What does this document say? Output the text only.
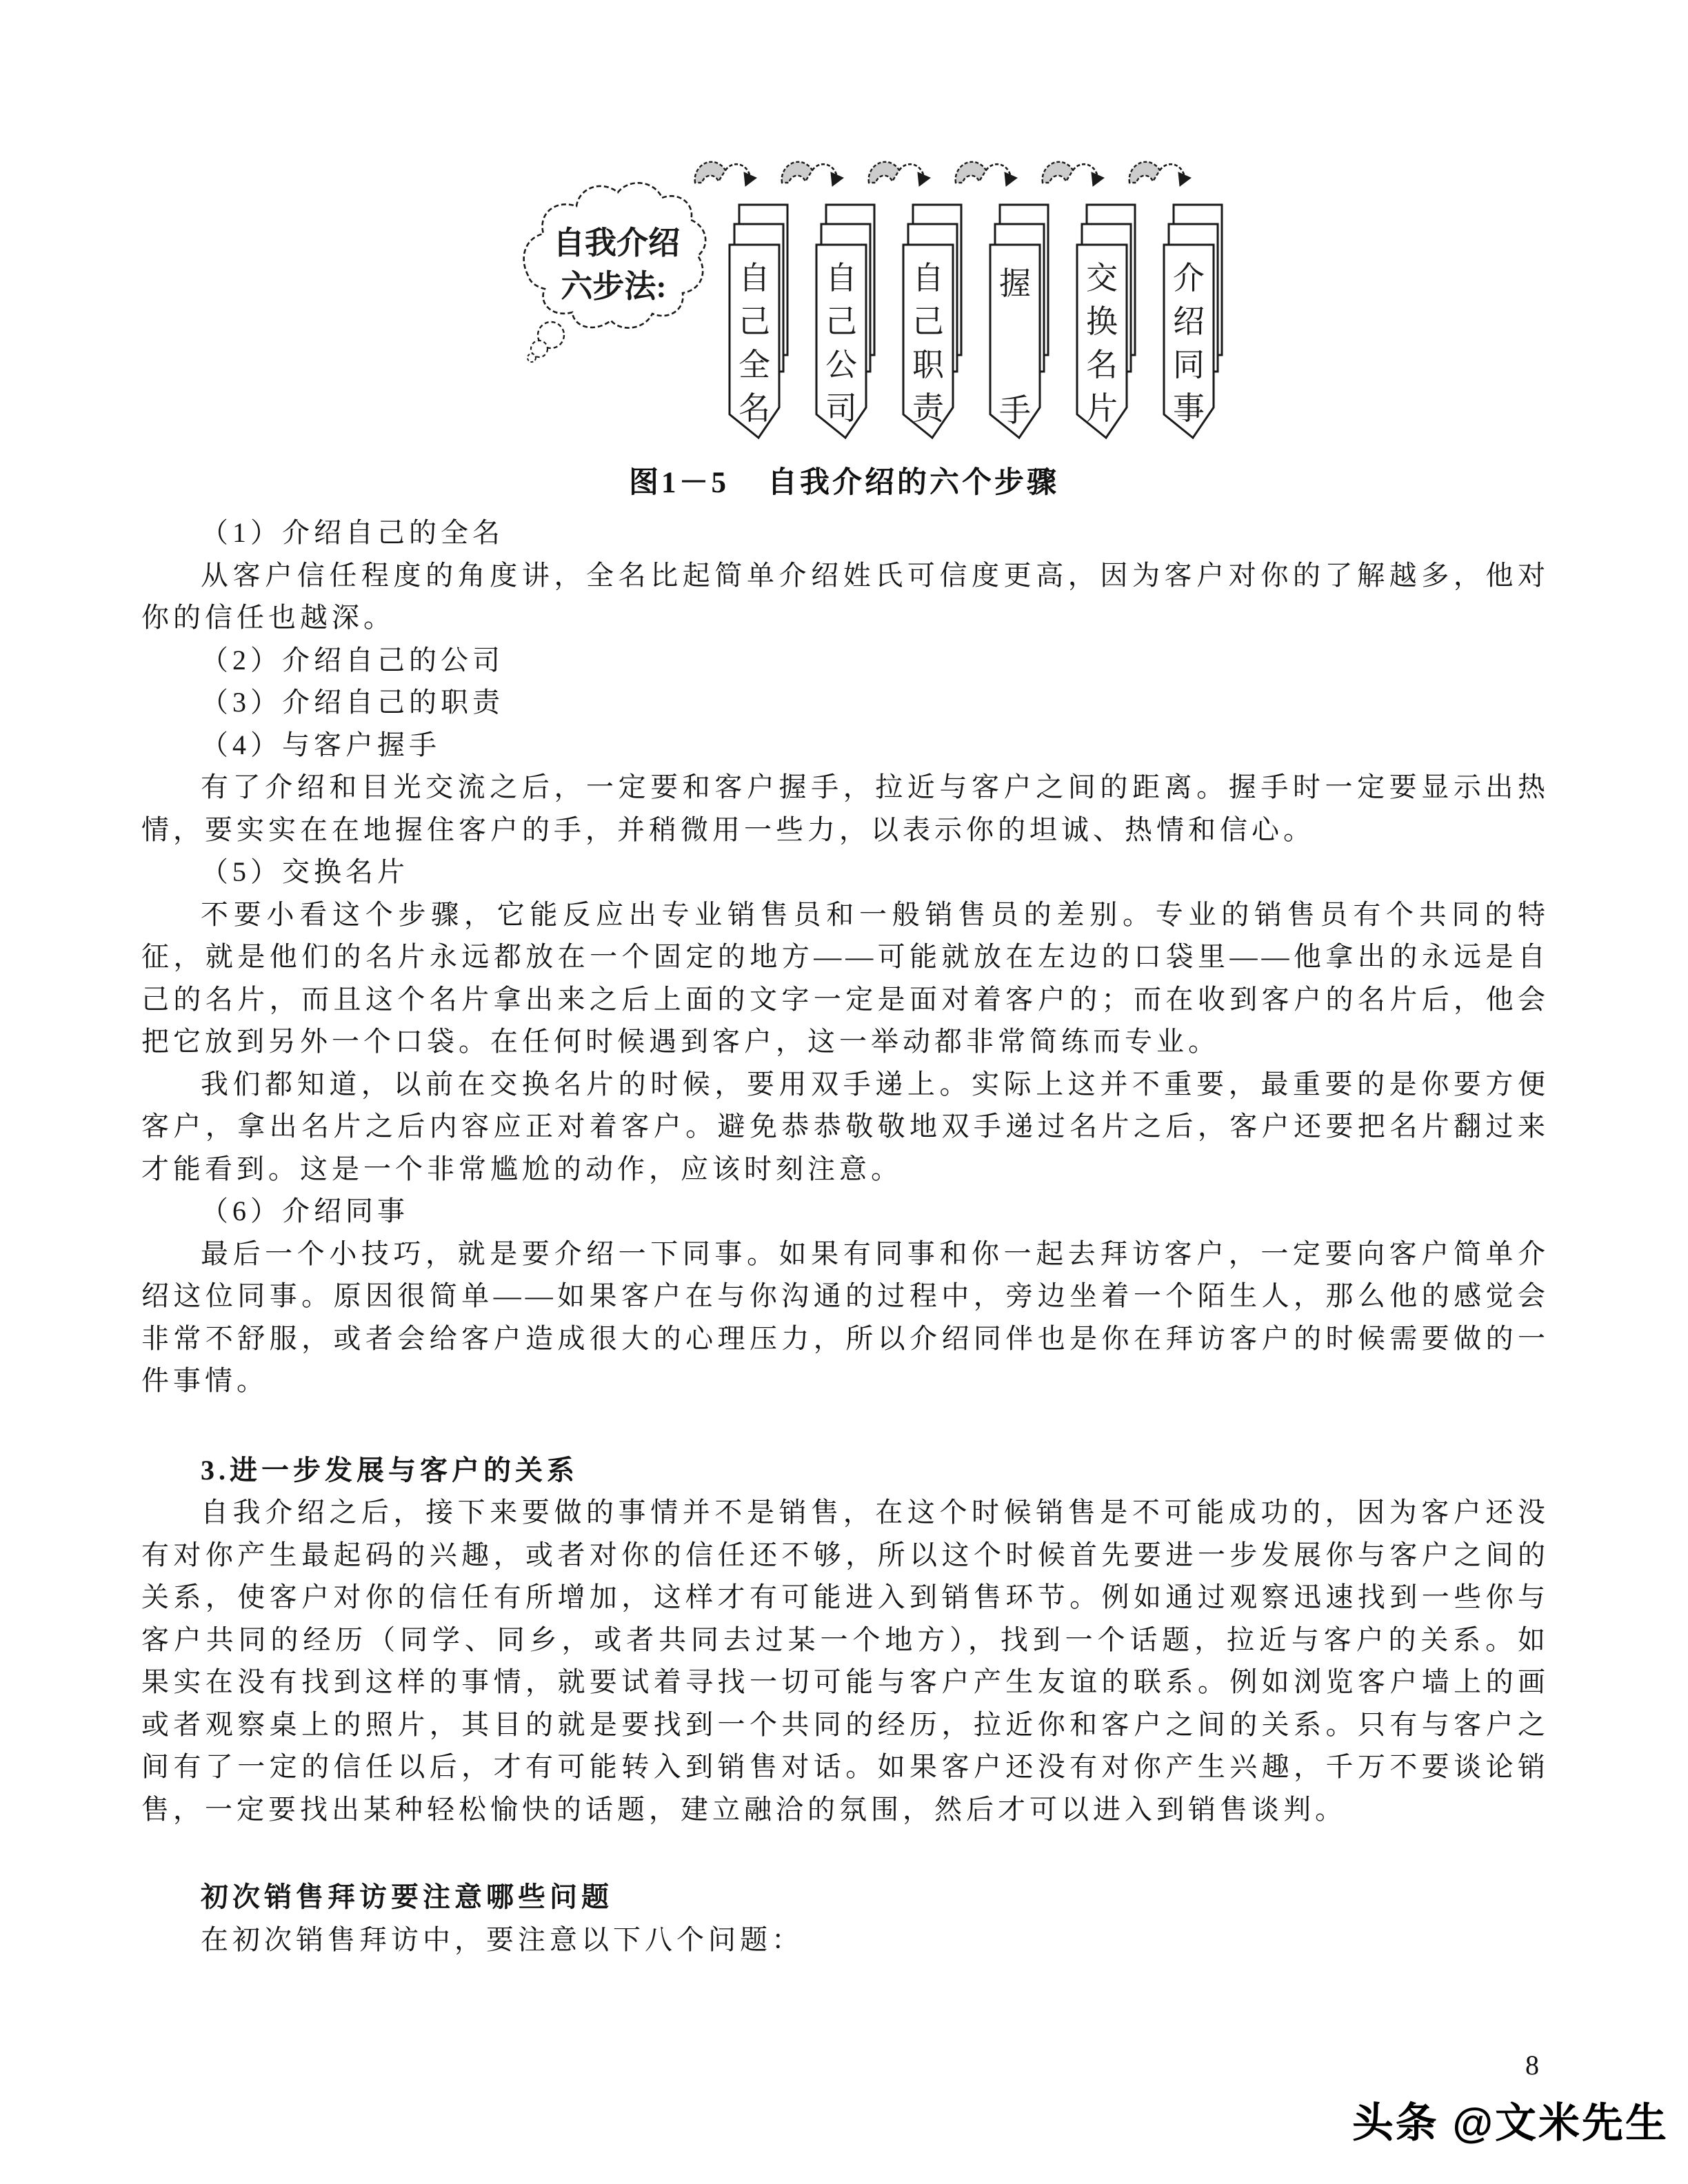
自我介绍
六步法: 自己全名
自己公司
自己职责
握手
交换名片
介绍同事
图1－5 自我介绍的六个步骤

（1）介绍自己的全名

从客户信任程度的角度讲，全名比起简单介绍姓氏可信度更高，因为客户对你的了解越多，他对你的信任也越深。

（2）介绍自己的公司

（3）介绍自己的职责

（4）与客户握手

有了介绍和目光交流之后，一定要和客户握手，拉近与客户之间的距离。握手时一定要显示出热情，要实实在在地握住客户的手，并稍微用一些力，以表示你的坦诚、热情和信心。

（5）交换名片

不要小看这个步骤，它能反应出专业销售员和一般销售员的差别。专业的销售员有个共同的特征，就是他们的名片永远都放在一个固定的地方——可能就放在左边的口袋里——他拿出的永远是自己的名片，而且这个名片拿出来之后上面的文字一定是面对着客户的；而在收到客户的名片后，他会把它放到另外一个口袋。在任何时候遇到客户，这一举动都非常简练而专业。

我们都知道，以前在交换名片的时候，要用双手递上。实际上这并不重要，最重要的是你要方便客户，拿出名片之后内容应正对着客户。避免恭恭敬敬地双手递过名片之后，客户还要把名片翻过来才能看到。这是一个非常尴尬的动作，应该时刻注意。

（6）介绍同事

最后一个小技巧，就是要介绍一下同事。如果有同事和你一起去拜访客户，一定要向客户简单介绍这位同事。原因很简单——如果客户在与你沟通的过程中，旁边坐着一个陌生人，那么他的感觉会非常不舒服，或者会给客户造成很大的心理压力，所以介绍同伴也是你在拜访客户的时候需要做的一件事情。

3.进一步发展与客户的关系

自我介绍之后，接下来要做的事情并不是销售，在这个时候销售是不可能成功的，因为客户还没有对你产生最起码的兴趣，或者对你的信任还不够，所以这个时候首先要进一步发展你与客户之间的关系，使客户对你的信任有所增加，这样才有可能进入到销售环节。例如通过观察迅速找到一些你与客户共同的经历（同学、同乡，或者共同去过某一个地方），找到一个话题，拉近与客户的关系。如果实在没有找到这样的事情，就要试着寻找一切可能与客户产生友谊的联系。例如浏览客户墙上的画或者观察桌上的照片，其目的就是要找到一个共同的经历，拉近你和客户之间的关系。只有与客户之间有了一定的信任以后，才有可能转入到销售对话。如果客户还没有对你产生兴趣，千万不要谈论销售，一定要找出某种轻松愉快的话题，建立融洽的氛围，然后才可以进入到销售谈判。

初次销售拜访要注意哪些问题

在初次销售拜访中，要注意以下八个问题：

8
头条 @文米先生
